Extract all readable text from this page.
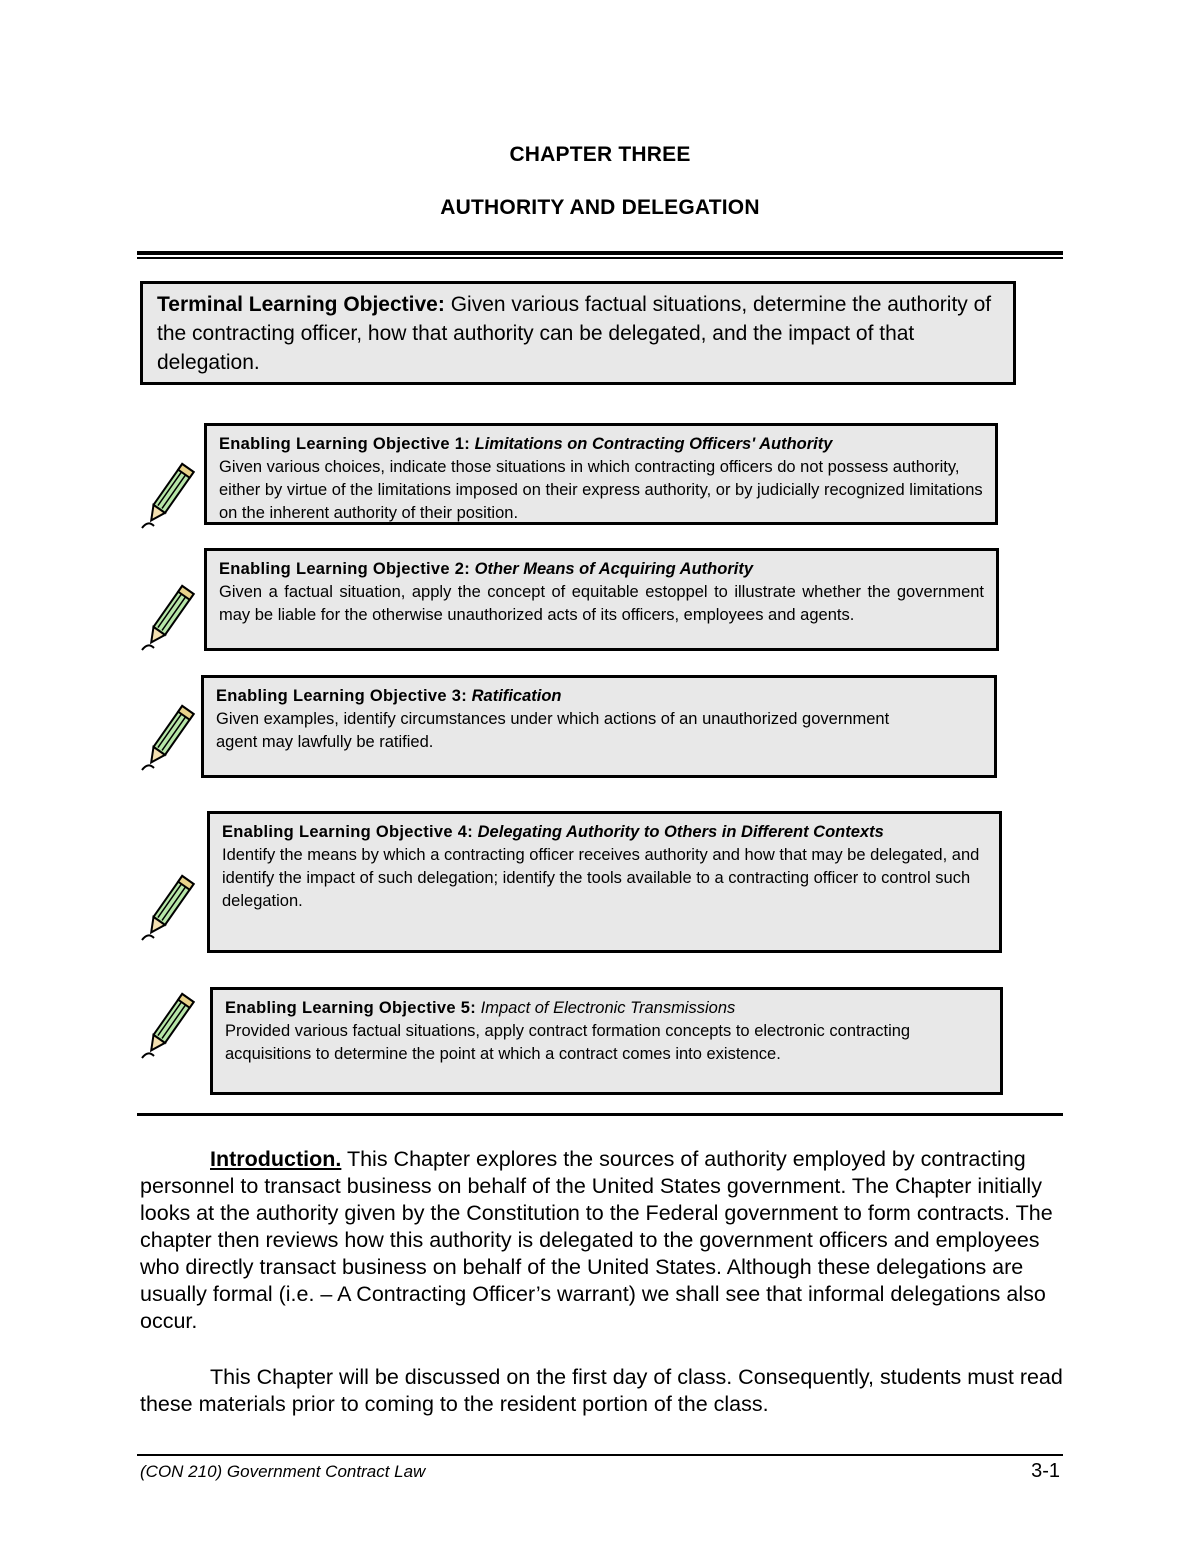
CHAPTER THREE
AUTHORITY AND DELEGATION
Terminal Learning Objective: Given various factual situations, determine the authority of the contracting officer, how that authority can be delegated, and the impact of that delegation.
Enabling Learning Objective 1: Limitations on Contracting Officers' Authority
Given various choices, indicate those situations in which contracting officers do not possess authority, either by virtue of the limitations imposed on their express authority, or by judicially recognized limitations on the inherent authority of their position.
Enabling Learning Objective 2: Other Means of Acquiring Authority
Given a factual situation, apply the concept of equitable estoppel to illustrate whether the government may be liable for the otherwise unauthorized acts of its officers, employees and agents.
Enabling Learning Objective 3: Ratification
Given examples, identify circumstances under which actions of an unauthorized government agent may lawfully be ratified.
Enabling Learning Objective 4: Delegating Authority to Others in Different Contexts
Identify the means by which a contracting officer receives authority and how that may be delegated, and identify the impact of such delegation; identify the tools available to a contracting officer to control such delegation.
Enabling Learning Objective 5: Impact of Electronic Transmissions
Provided various factual situations, apply contract formation concepts to electronic contracting acquisitions to determine the point at which a contract comes into existence.
Introduction. This Chapter explores the sources of authority employed by contracting personnel to transact business on behalf of the United States government. The Chapter initially looks at the authority given by the Constitution to the Federal government to form contracts. The chapter then reviews how this authority is delegated to the government officers and employees who directly transact business on behalf of the United States. Although these delegations are usually formal (i.e. – A Contracting Officer’s warrant) we shall see that informal delegations also occur.
This Chapter will be discussed on the first day of class. Consequently, students must read these materials prior to coming to the resident portion of the class.
(CON 210) Government Contract Law	3-1
